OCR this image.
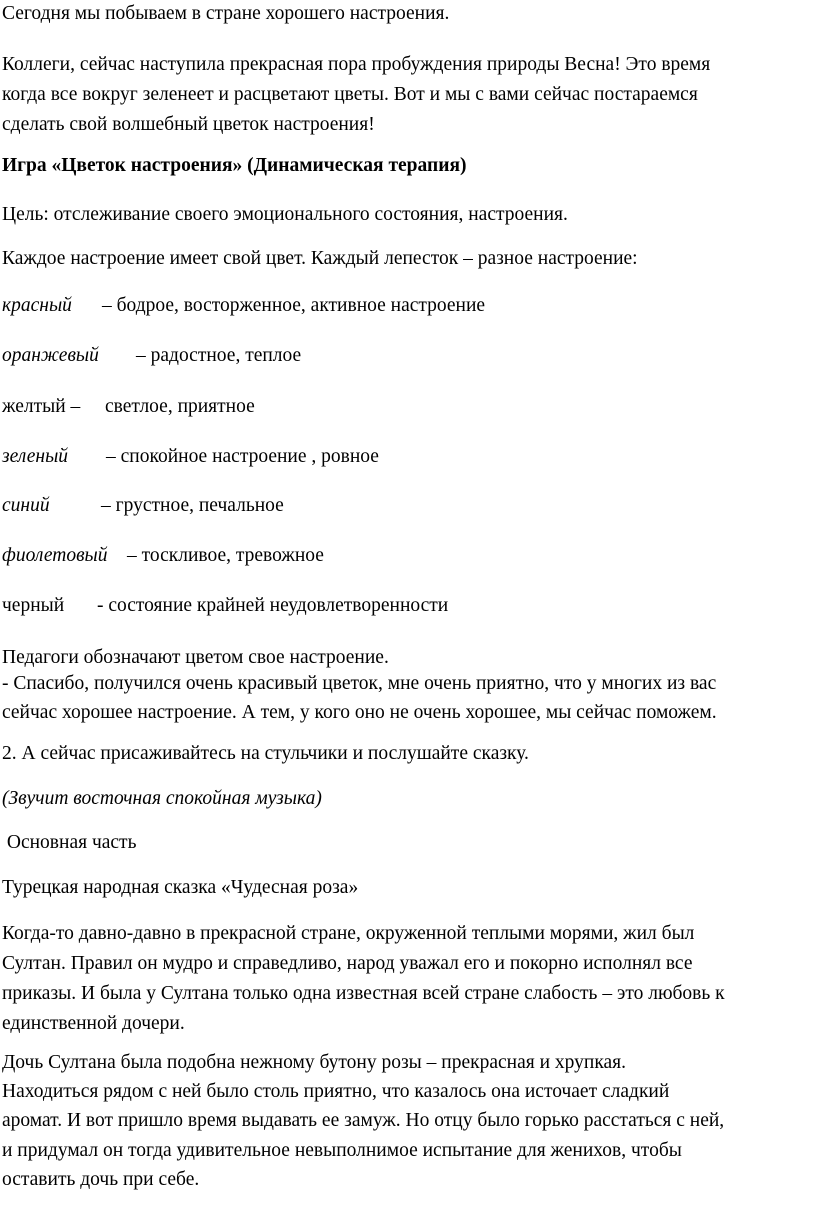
Сегодня мы побываем в стране хорошего настроения.

Коллеги, сейчас наступила прекрасная пора пробуждения природы Весна! Это время

когда все вокруг зеленеет и расцветают цветы. Вот и мы с вами сейчас постараемся

сделать свой волшебный цветок настроения!

Игра «Цветок настроения» (Динамическая терапия)

Цель: отслеживание своего эмоционального состояния, настроения.

Каждое настроение имеет свой цвет. Каждый лепесток – разное настроение:

красный – бодрое, восторженное, активное настроение

оранжевый – радостное, теплое

желтый – светлое, приятное

зеленый – спокойное настроение , ровное

синий	– грустное, печальное

фиолетовый – тоскливое, тревожное

черный - состояние крайней неудовлетворенности

Педагоги обозначают цветом свое настроение.

- Спасибо, получился очень красивый цветок, мне очень приятно, что у многих из вас

сейчас хорошее настроение. А тем, у кого оно не очень хорошее, мы сейчас поможем.

2. А сейчас присаживайтесь на стульчики и послушайте сказку.

(Звучит восточная спокойная музыка)

Основная часть

Турецкая народная сказка «Чудесная роза»

Когда-то давно-давно в прекрасной стране, окруженной теплыми морями, жил был

Султан. Правил он мудро и справедливо, народ уважал его и покорно исполнял все

приказы. И была у Султана только одна известная всей стране слабость – это любовь к

единственной дочери.

Дочь Султана была подобна нежному бутону розы – прекрасная и хрупкая.

Находиться рядом с ней было столь приятно, что казалось она источает сладкий

аромат. И вот пришло время выдавать ее замуж. Но отцу было горько расстаться с ней,

и придумал он тогда удивительное невыполнимое испытание для женихов, чтобы

оставить дочь при себе.
